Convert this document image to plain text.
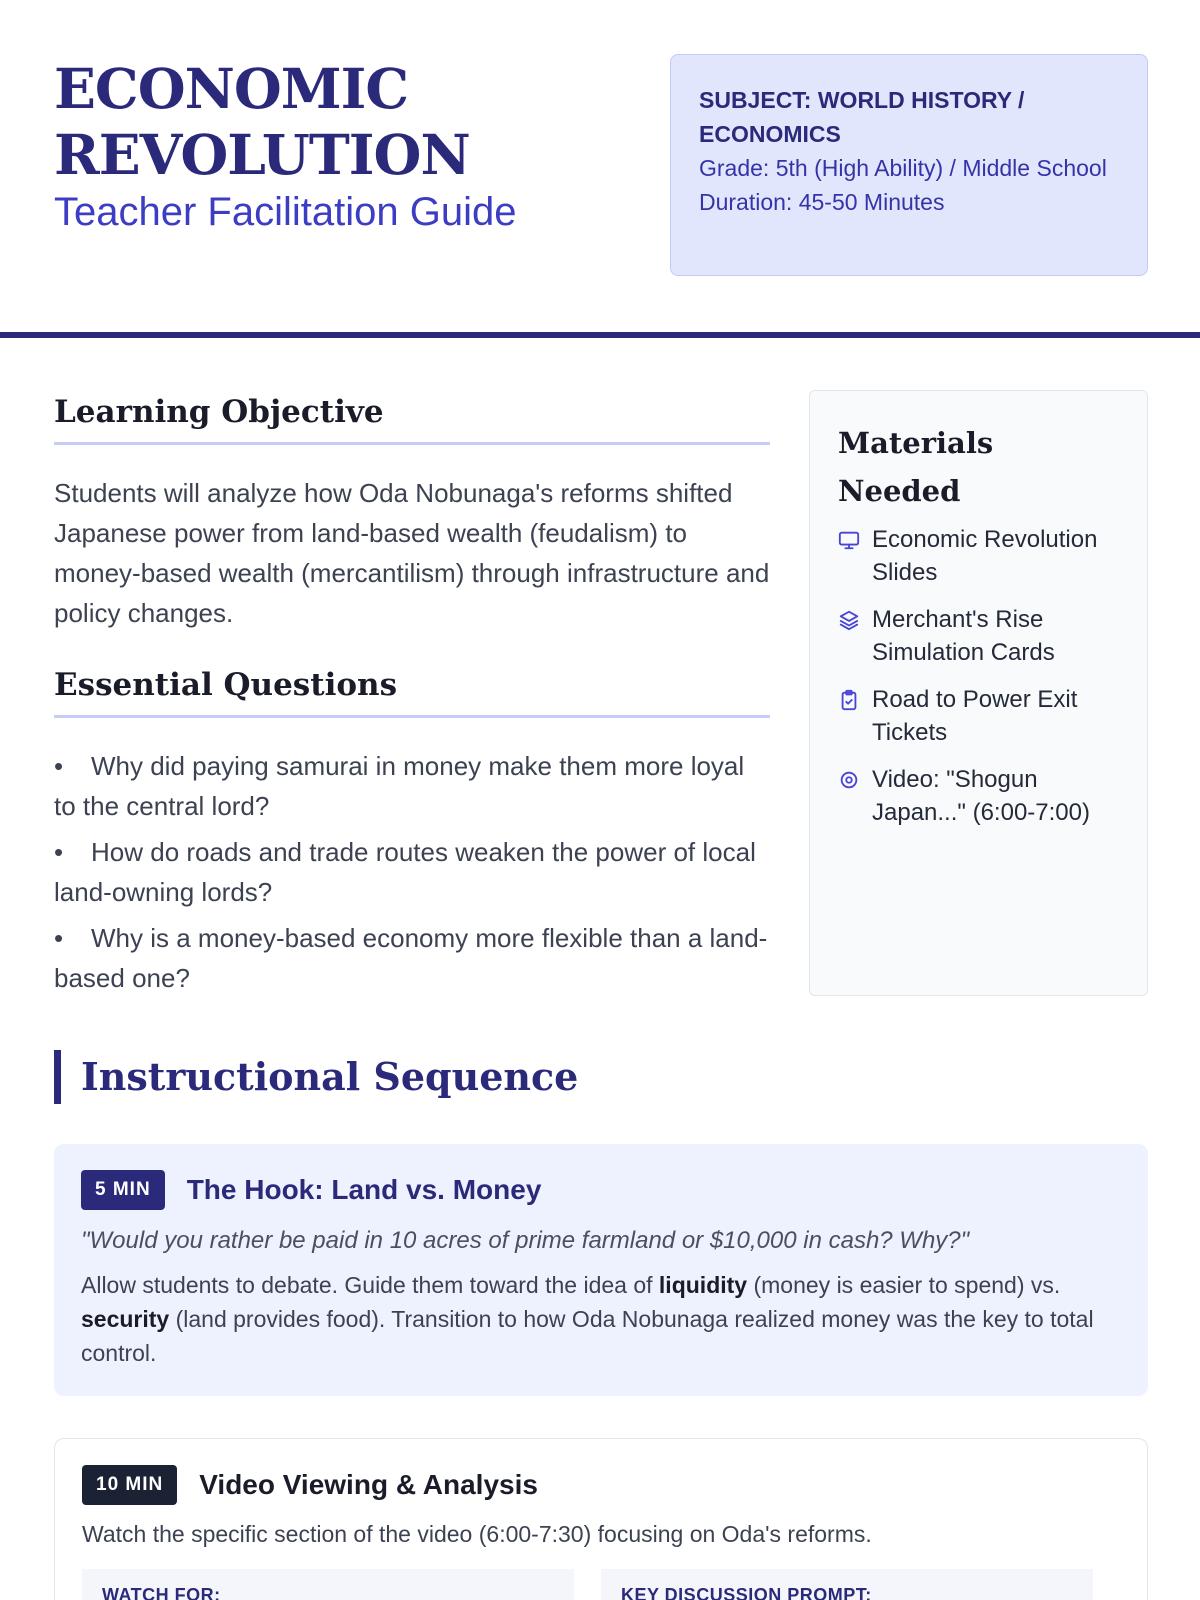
ECONOMIC
REVOLUTION
Teacher Facilitation Guide
SUBJECT: WORLD HISTORY / ECONOMICS
Grade: 5th (High Ability) / Middle School
Duration: 45-50 Minutes
Learning Objective

Students will analyze how Oda Nobunaga's reforms shifted Japanese power from land-based wealth (feudalism) to money-based wealth (mercantilism) through infrastructure and policy changes.

Essential Questions
• Why did paying samurai in money make them more loyal to the central lord?
• How do roads and trade routes weaken the power of local land-owning lords?
• Why is a money-based economy more flexible than a land-based one?
Materials Needed
Economic Revolution Slides
Merchant's Rise Simulation Cards
Road to Power Exit Tickets
Video: "Shogun Japan..." (6:00-7:00)
Instructional Sequence
5 MIN	The Hook: Land vs. Money

"Would you rather be paid in 10 acres of prime farmland or $10,000 in cash? Why?"

Allow students to debate. Guide them toward the idea of liquidity (money is easier to spend) vs. security (land provides food). Transition to how Oda Nobunaga realized money was the key to total control.

10 MIN	Video Viewing & Analysis

Watch the specific section of the video (6:00-7:30) focusing on Oda's reforms.

WATCH FOR:	KEY DISCUSSION PROMPT:
